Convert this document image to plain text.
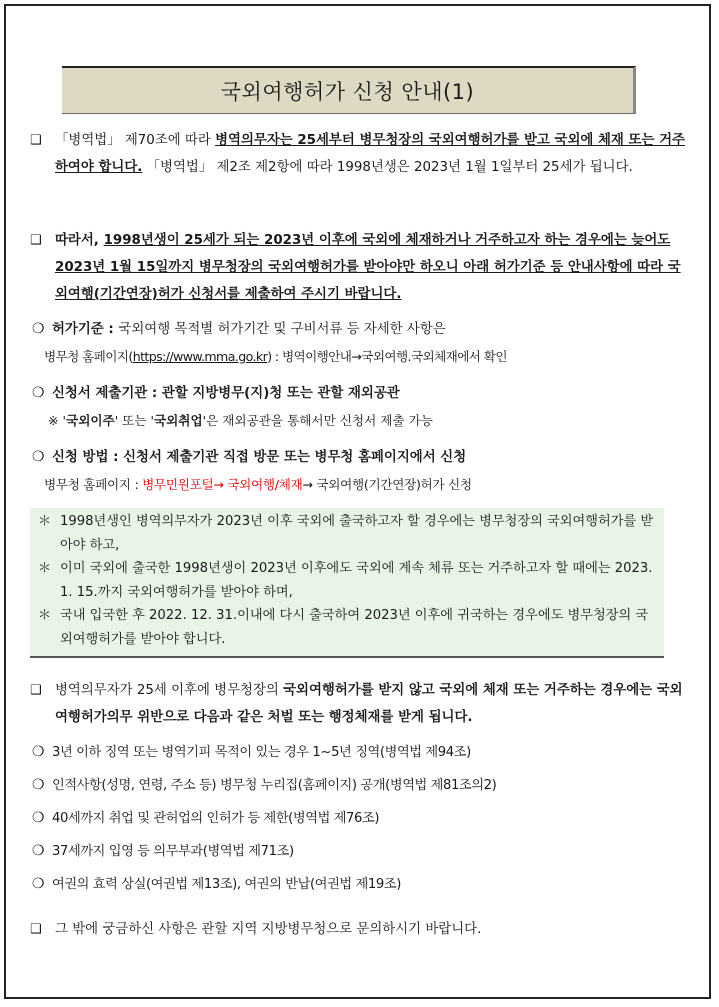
국외여행허가 신청 안내(1)

❑ 「병역법」 제70조에 따라 병역의무자는 25세부터 병무청장의 국외여행허가를 받고 국외에 체재 또는 거주하여야 합니다. 「병역법」 제2조 제2항에 따라 1998년생은 2023년 1월 1일부터 25세가 됩니다.

❑ 따라서, 1998년생이 25세가 되는 2023년 이후에 국외에 체재하거나 거주하고자 하는 경우에는 늦어도 2023년 1월 15일까지 병무청장의 국외여행허가를 받아야만 하오니 아래 허가기준 등 안내사항에 따라 국외여행(기간연장)허가 신청서를 제출하여 주시기 바랍니다.

❍ 허가기준 : 국외여행 목적별 허가기간 및 구비서류 등 자세한 사항은

병무청 홈페이지(https://www.mma.go.kr) : 병역이행안내→국외여행.국외체재에서 확인

❍ 신청서 제출기관 : 관할 지방병무(지)청 또는 관할 재외공관

※ '국외이주' 또는 '국외취업'은 재외공관을 통해서만 신청서 제출 가능

❍ 신청 방법 : 신청서 제출기관 직접 방문 또는 병무청 홈페이지에서 신청

병무청 홈페이지 : 병무민원포털→ 국외여행/체재→ 국외여행(기간연장)허가 신청

＊ 1998년생인 병역의무자가 2023년 이후 국외에 출국하고자 할 경우에는 병무청장의 국외여행허가를 받아야 하고,

＊ 이미 국외에 출국한 1998년생이 2023년 이후에도 국외에 계속 체류 또는 거주하고자 할 때에는 2023. 1. 15.까지 국외여행허가를 받아야 하며,

＊ 국내 입국한 후 2022. 12. 31.이내에 다시 출국하여 2023년 이후에 귀국하는 경우에도 병무청장의 국외여행허가를 받아야 합니다.

❑ 병역의무자가 25세 이후에 병무청장의 국외여행허가를 받지 않고 국외에 체재 또는 거주하는 경우에는 국외여행허가의무 위반으로 다음과 같은 처벌 또는 행정체재를 받게 됩니다.

❍ 3년 이하 징역 또는 병역기피 목적이 있는 경우 1~5년 징역(병역법 제94조)

❍ 인적사항(성명, 연령, 주소 등) 병무청 누리집(홈페이지) 공개(병역법 제81조의2)

❍ 40세까지 취업 및 관허업의 인허가 등 제한(병역법 제76조)

❍ 37세까지 입영 등 의무부과(병역법 제71조)

❍ 여권의 효력 상실(여권법 제13조), 여권의 반납(여권법 제19조)

❑ 그 밖에 궁금하신 사항은 관할 지역 지방병무청으로 문의하시기 바랍니다.
